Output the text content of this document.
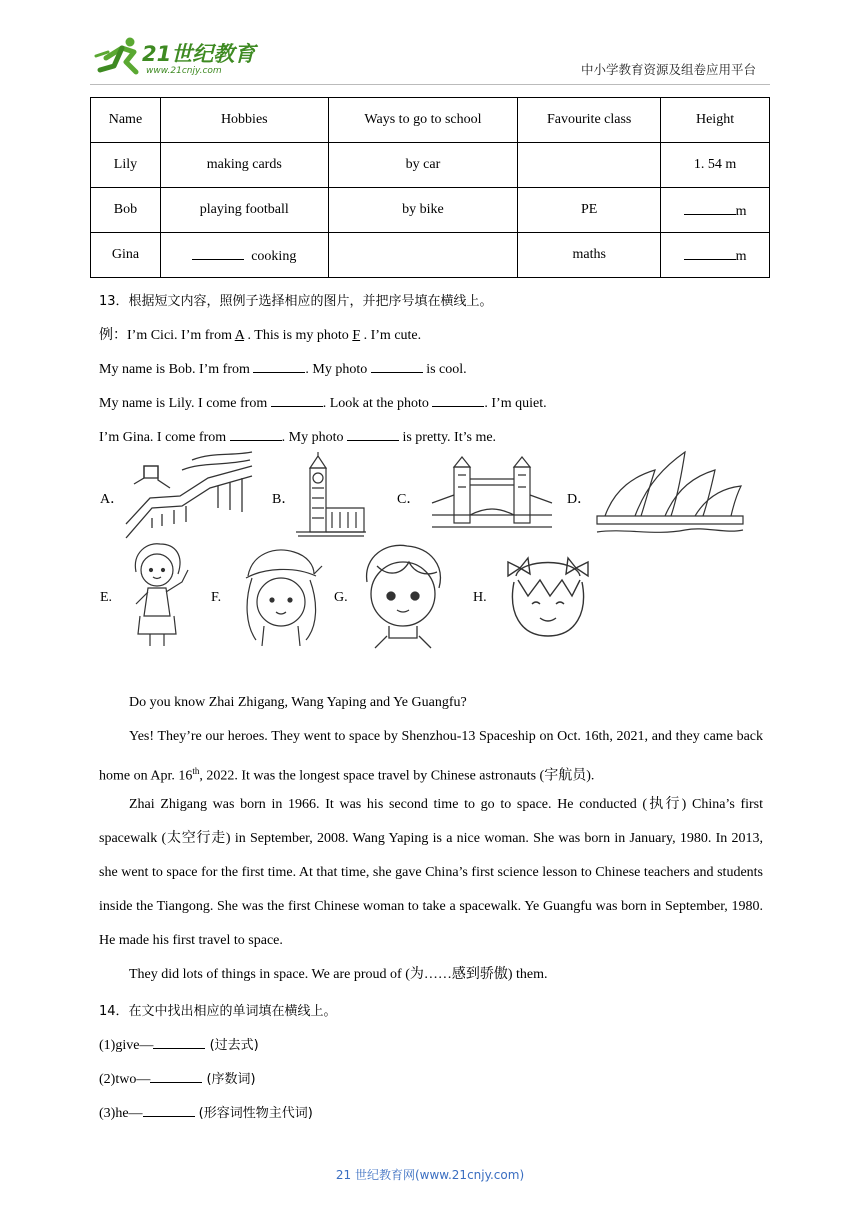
21世纪教育
www.21cnjy.com	中小学教育资源及组卷应用平台
Name	Hobbies	Ways to go to school	Favourite class	Height
Lily	making cards	by car		1. 54 m
Bob	playing football	by bike	PE	m
Gina	cooking		maths	m
13．根据短文内容，照例子选择相应的图片，并把序号填在横线上。
例：I’m Cici. I’m from A . This is my photo F . I’m cute.
My name is Bob. I’m from	. My photo	is cool.
My name is Lily. I come from	. Look at the photo	. I’m quiet.
I’m Gina. I come from	. My photo	is pretty. It’s me.
A．	B．	C．	D．
E.	F.	G.	H.
Do you know Zhai Zhigang, Wang Yaping and Ye Guangfu?
Yes! They’re our heroes. They went to space by Shenzhou-13 Spaceship on Oct. 16th, 2021, and they came back home on Apr. 16th, 2022. It was the longest space travel by Chinese astronauts (宇航员).
Zhai Zhigang was born in 1966. It was his second time to go to space. He conducted (执行) China’s first spacewalk (太空行走) in September, 2008. Wang Yaping is a nice woman. She was born in January, 1980. In 2013, she went to space for the first time. At that time, she gave China’s first science lesson to Chinese teachers and students inside the Tiangong. She was the first Chinese woman to take a spacewalk. Ye Guangfu was born in September, 1980. He made his first travel to space.
They did lots of things in space. We are proud of (为……感到骄傲) them.
14．在文中找出相应的单词填在横线上。
(1)give—	(过去式)
(2)two—	(序数词)
(3)he—	(形容词性物主代词)
21 世纪教育网(www.21cnjy.com)
